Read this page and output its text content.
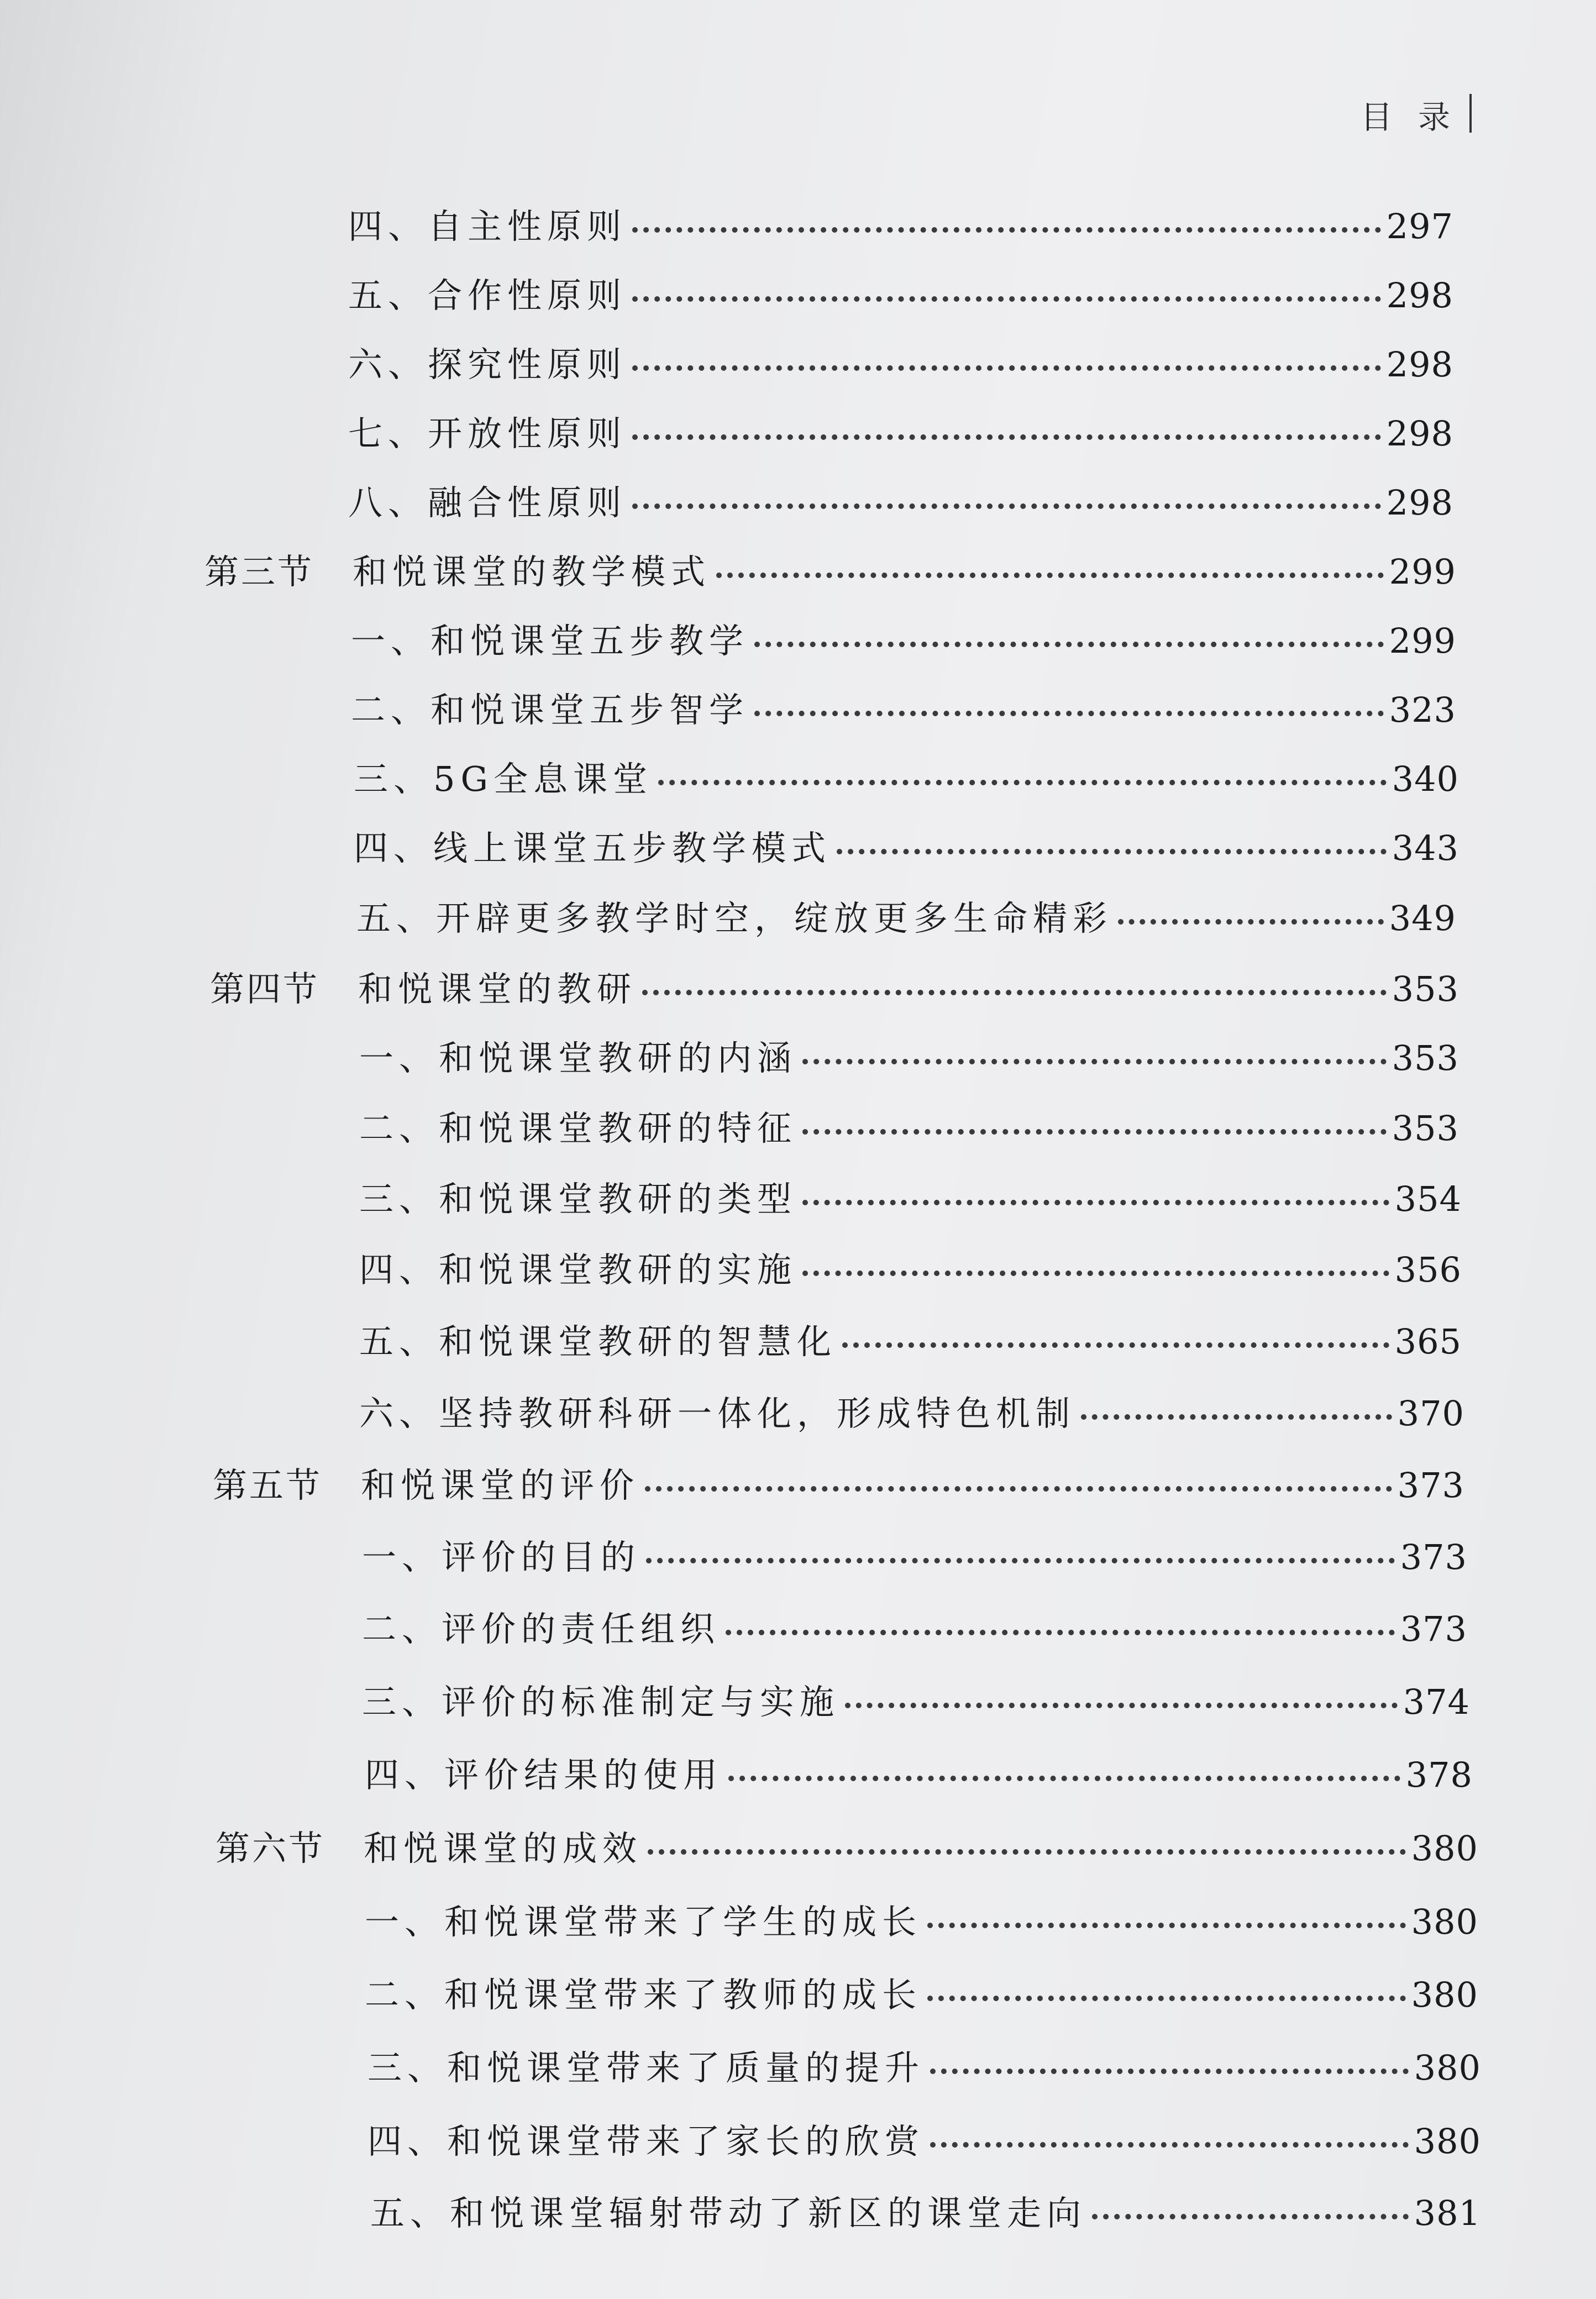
目 录
四、自主性原则	297
五、合作性原则	298
六、探究性原则	298
七、开放性原则	298
八、融合性原则	298
第三节 和悦课堂的教学模式	299
一、和悦课堂五步教学	299
二、和悦课堂五步智学	323
三、5G全息课堂	340
四、线上课堂五步教学模式	343
五、开辟更多教学时空，绽放更多生命精彩	349
第四节 和悦课堂的教研	353
一、和悦课堂教研的内涵	353
二、和悦课堂教研的特征	353
三、和悦课堂教研的类型	354
四、和悦课堂教研的实施	356
五、和悦课堂教研的智慧化	365
六、坚持教研科研一体化，形成特色机制	370
第五节 和悦课堂的评价	373
一、评价的目的	373
二、评价的责任组织	373
三、评价的标准制定与实施	374
四、评价结果的使用	378
第六节 和悦课堂的成效	380
一、和悦课堂带来了学生的成长	380
二、和悦课堂带来了教师的成长	380
三、和悦课堂带来了质量的提升	380
四、和悦课堂带来了家长的欣赏	380
五、和悦课堂辐射带动了新区的课堂走向	381
